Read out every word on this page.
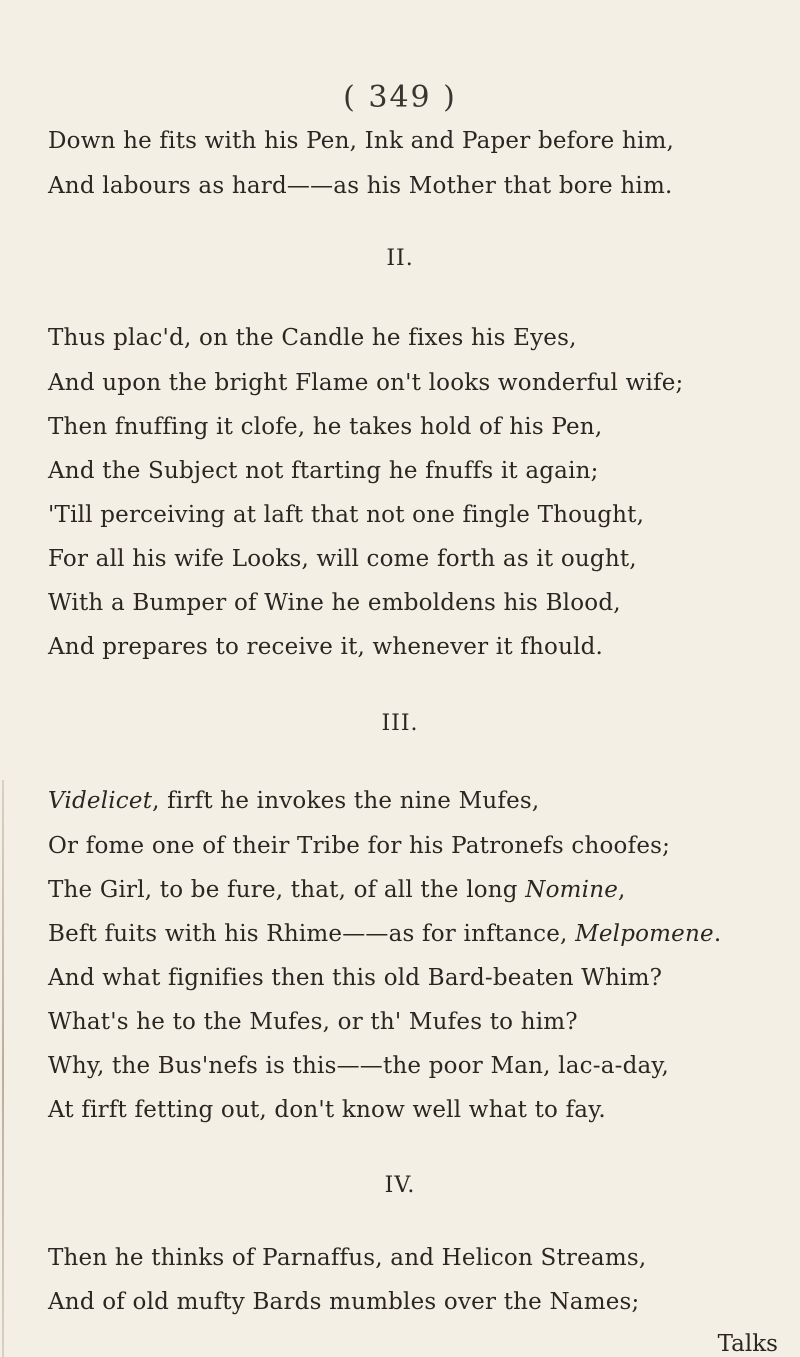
( 349 )
Down he fits with his Pen, Ink and Paper before him,
And labours as hard——as his Mother that bore him.
II.
Thus plac'd, on the Candle he fixes his Eyes,
And upon the bright Flame on't looks wonderful wife;
Then fnuffing it clofe, he takes hold of his Pen,
And the Subject not ftarting he fnuffs it again;
'Till perceiving at laft that not one fingle Thought,
For all his wife Looks, will come forth as it ought,
With a Bumper of Wine he emboldens his Blood,
And prepares to receive it, whenever it fhould.
III.
Videlicet, firft he invokes the nine Mufes,
Or fome one of their Tribe for his Patronefs choofes;
The Girl, to be fure, that, of all the long Nomine,
Beft fuits with his Rhime——as for inftance, Melpomene.
And what fignifies then this old Bard-beaten Whim?
What's he to the Mufes, or th' Mufes to him?
Why, the Bus'nefs is this——the poor Man, lac-a-day,
At firft fetting out, don't know well what to fay.
IV.
Then he thinks of Parnaffus, and Helicon Streams,
And of old mufty Bards mumbles over the Names;
Talks
